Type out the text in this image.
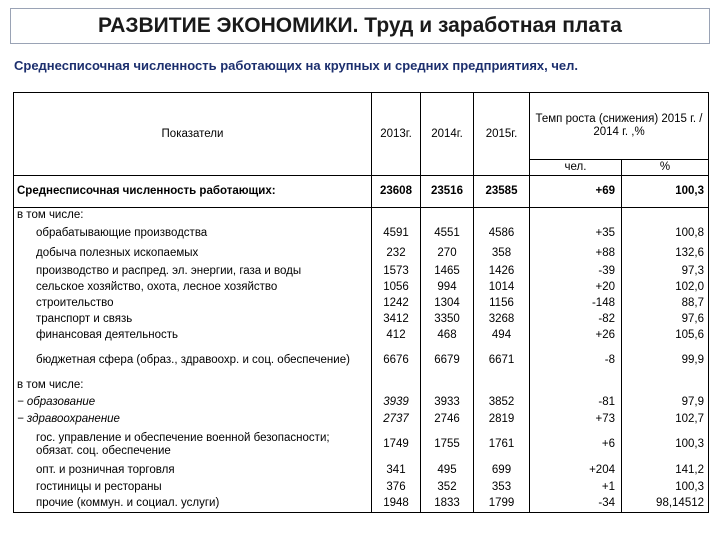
РАЗВИТИЕ ЭКОНОМИКИ. Труд и заработная плата
Среднесписочная численность работающих на крупных и средних предприятиях, чел.
Показатели	2013г.	2014г.	2015г.	Темп роста (снижения) 2015 г. / 2014 г. ,%	
				чел.	%
Среднесписочная численность работающих:	23608	23516	23585	+69	100,3
в том числе:					
обрабатывающие производства	4591	4551	4586	+35	100,8
добыча полезных ископаемых	232	270	358	+88	132,6
производство и распред. эл. энергии, газа и воды	1573	1465	1426	-39	97,3
сельское хозяйство, охота, лесное хозяйство	1056	994	1014	+20	102,0
строительство	1242	1304	1156	-148	88,7
транспорт и связь	3412	3350	3268	-82	97,6
финансовая деятельность	412	468	494	+26	105,6
бюджетная сфера (образ., здравоохр. и соц. обеспечение)	6676	6679	6671	-8	99,9
в том числе:					
− образование	3939	3933	3852	-81	97,9
− здравоохранение	2737	2746	2819	+73	102,7
гос. управление и обеспечение военной безопасности; обязат. соц. обеспечение	1749	1755	1761	+6	100,3
опт. и розничная торговля	341	495	699	+204	141,2
гостиницы и рестораны	376	352	353	+1	100,3
прочие (коммун. и социал. услуги)	1948	1833	1799	-34	98,14512
